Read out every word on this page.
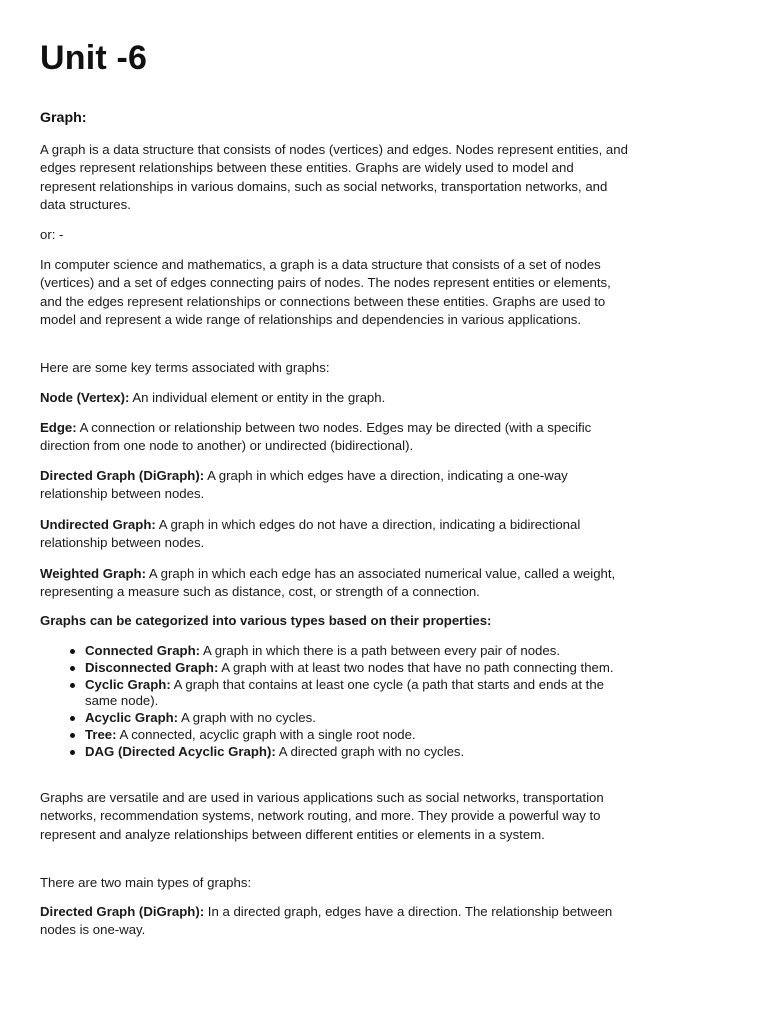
Unit -6
Graph:

A graph is a data structure that consists of nodes (vertices) and edges. Nodes represent entities, and edges represent relationships between these entities. Graphs are widely used to model and represent relationships in various domains, such as social networks, transportation networks, and data structures.

or: -

In computer science and mathematics, a graph is a data structure that consists of a set of nodes (vertices) and a set of edges connecting pairs of nodes. The nodes represent entities or elements, and the edges represent relationships or connections between these entities. Graphs are used to model and represent a wide range of relationships and dependencies in various applications.

Here are some key terms associated with graphs:

Node (Vertex): An individual element or entity in the graph.

Edge: A connection or relationship between two nodes. Edges may be directed (with a specific direction from one node to another) or undirected (bidirectional).

Directed Graph (DiGraph): A graph in which edges have a direction, indicating a one-way relationship between nodes.

Undirected Graph: A graph in which edges do not have a direction, indicating a bidirectional relationship between nodes.

Weighted Graph: A graph in which each edge has an associated numerical value, called a weight, representing a measure such as distance, cost, or strength of a connection.

Graphs can be categorized into various types based on their properties:

Connected Graph: A graph in which there is a path between every pair of nodes.
Disconnected Graph: A graph with at least two nodes that have no path connecting them.
Cyclic Graph: A graph that contains at least one cycle (a path that starts and ends at the same node).
Acyclic Graph: A graph with no cycles.
Tree: A connected, acyclic graph with a single root node.
DAG (Directed Acyclic Graph): A directed graph with no cycles.

Graphs are versatile and are used in various applications such as social networks, transportation networks, recommendation systems, network routing, and more. They provide a powerful way to represent and analyze relationships between different entities or elements in a system.

There are two main types of graphs:

Directed Graph (DiGraph): In a directed graph, edges have a direction. The relationship between nodes is one-way.
